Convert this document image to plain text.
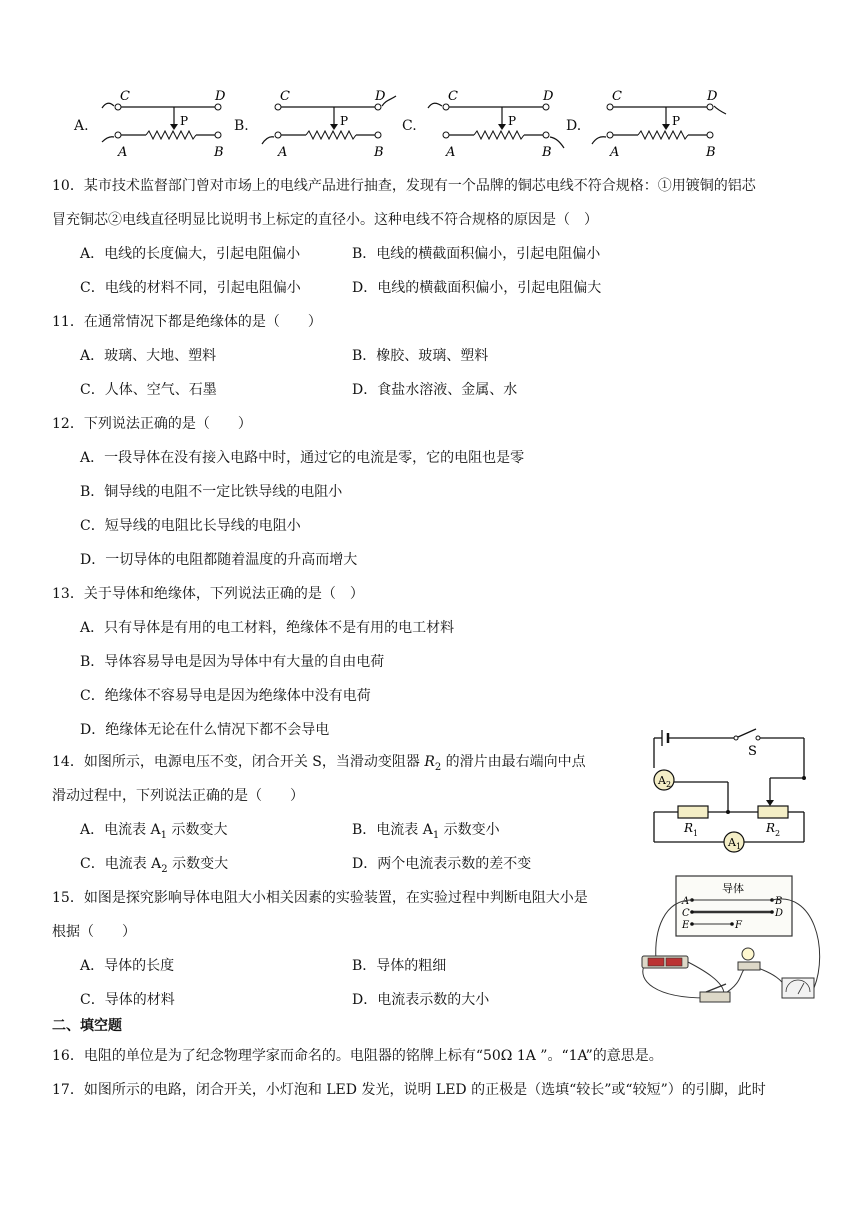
A.
C	D
P
A	B
B.
C	D
P
A	B
C.
C	D
P
A	B
D.
C	D
P
A	B
10．某市技术监督部门曾对市场上的电线产品进行抽查，发现有一个品牌的铜芯电线不符合规格：①用镀铜的铝芯
冒充铜芯②电线直径明显比说明书上标定的直径小。这种电线不符合规格的原因是（　）
A．电线的长度偏大，引起电阻偏小	B．电线的横截面积偏小，引起电阻偏小
C．电线的材料不同，引起电阻偏小	D．电线的横截面积偏小，引起电阻偏大
11．在通常情况下都是绝缘体的是（　　）
A．玻璃、大地、塑料	B．橡胶、玻璃、塑料
C．人体、空气、石墨	D．食盐水溶液、金属、水
12．下列说法正确的是（　　）
A．一段导体在没有接入电路中时，通过它的电流是零，它的电阻也是零
B．铜导线的电阻不一定比铁导线的电阻小
C．短导线的电阻比长导线的电阻小
D．一切导体的电阻都随着温度的升高而增大
13．关于导体和绝缘体，下列说法正确的是（　）
A．只有导体是有用的电工材料，绝缘体不是有用的电工材料
B．导体容易导电是因为导体中有大量的自由电荷
C．绝缘体不容易导电是因为绝缘体中没有电荷
D．绝缘体无论在什么情况下都不会导电
14．如图所示，电源电压不变，闭合开关 S，当滑动变阻器 $R_2$ 的滑片由最右端向中点
滑动过程中，下列说法正确的是（　　）
A．电流表 $A_1$ 示数变大	B．电流表 $A_1$ 示数变小
C．电流表 $A_2$ 示数变大	D．两个电流表示数的差不变
S
A 2
R 1	R 2
A 1
15．如图是探究影响导体电阻大小相关因素的实验装置，在实验过程中判断电阻大小是
根据（　　）
A．导体的长度	B．导体的粗细
C．导体的材料	D．电流表示数的大小
导体
A	B
C	D
E	F
二、填空题
16．电阻的单位是为了纪念物理学家而命名的。电阻器的铭牌上标有“50Ω 1A ”。“1A”的意思是。
17．如图所示的电路，闭合开关，小灯泡和 LED 发光，说明 LED 的正极是（选填“较长”或“较短”）的引脚，此时
